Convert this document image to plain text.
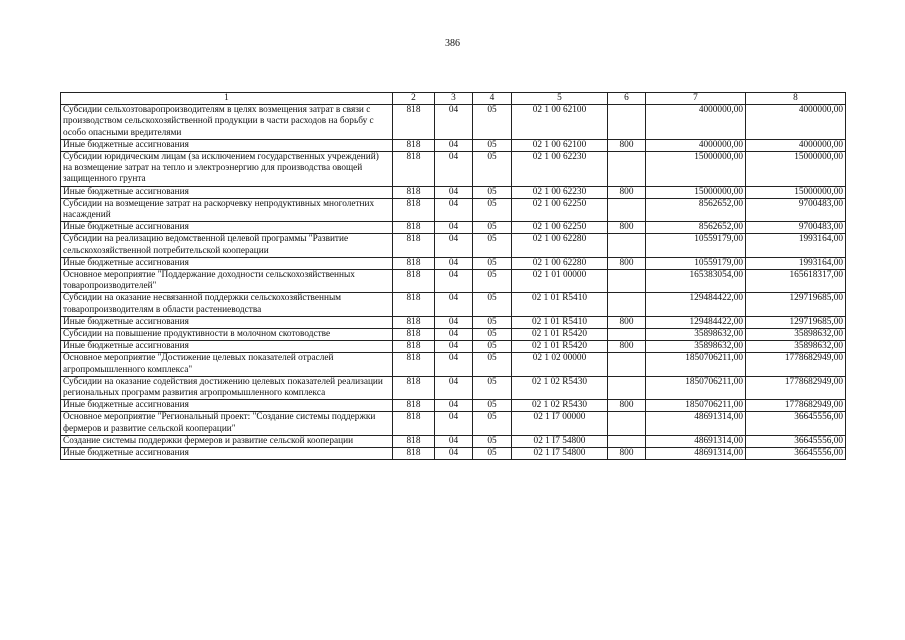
386
1	2	3	4	5	6	7	8
Субсидии сельхозтоваропроизводителям в целях возмещения затрат в связи с производством сельскохозяйственной продукции в части расходов на борьбу с особо опасными вредителями	818	04	05	02 1 00 62100		4000000,00	4000000,00
Иные бюджетные ассигнования	818	04	05	02 1 00 62100	800	4000000,00	4000000,00
Субсидии юридическим лицам (за исключением государственных учреждений) на возмещение затрат на тепло и электроэнергию для производства овощей защищенного грунта	818	04	05	02 1 00 62230		15000000,00	15000000,00
Иные бюджетные ассигнования	818	04	05	02 1 00 62230	800	15000000,00	15000000,00
Субсидии на возмещение затрат на раскорчевку непродуктивных многолетних насаждений	818	04	05	02 1 00 62250		8562652,00	9700483,00
Иные бюджетные ассигнования	818	04	05	02 1 00 62250	800	8562652,00	9700483,00
Субсидии на реализацию ведомственной целевой программы "Развитие сельскохозяйственной потребительской кооперации	818	04	05	02 1 00 62280		10559179,00	1993164,00
Иные бюджетные ассигнования	818	04	05	02 1 00 62280	800	10559179,00	1993164,00
Основное мероприятие "Поддержание доходности сельскохозяйственных товаропроизводителей"	818	04	05	02 1 01 00000		165383054,00	165618317,00
Субсидии на оказание несвязанной поддержки сельскохозяйственным товаропроизводителям в области растениеводства	818	04	05	02 1 01 R5410		129484422,00	129719685,00
Иные бюджетные ассигнования	818	04	05	02 1 01 R5410	800	129484422,00	129719685,00
Субсидии на повышение продуктивности в молочном скотоводстве	818	04	05	02 1 01 R5420		35898632,00	35898632,00
Иные бюджетные ассигнования	818	04	05	02 1 01 R5420	800	35898632,00	35898632,00
Основное мероприятие "Достижение целевых показателей отраслей агропромышленного комплекса"	818	04	05	02 1 02 00000		1850706211,00	1778682949,00
Субсидии на оказание содействия достижению целевых показателей реализации региональных программ развития агропромышленного комплекса	818	04	05	02 1 02 R5430		1850706211,00	1778682949,00
Иные бюджетные ассигнования	818	04	05	02 1 02 R5430	800	1850706211,00	1778682949,00
Основное мероприятие "Региональный проект: "Создание системы поддержки фермеров и развитие сельской кооперации"	818	04	05	02 1 I7 00000		48691314,00	36645556,00
Создание системы поддержки фермеров и развитие сельской кооперации	818	04	05	02 1 I7 54800		48691314,00	36645556,00
Иные бюджетные ассигнования	818	04	05	02 1 I7 54800	800	48691314,00	36645556,00
